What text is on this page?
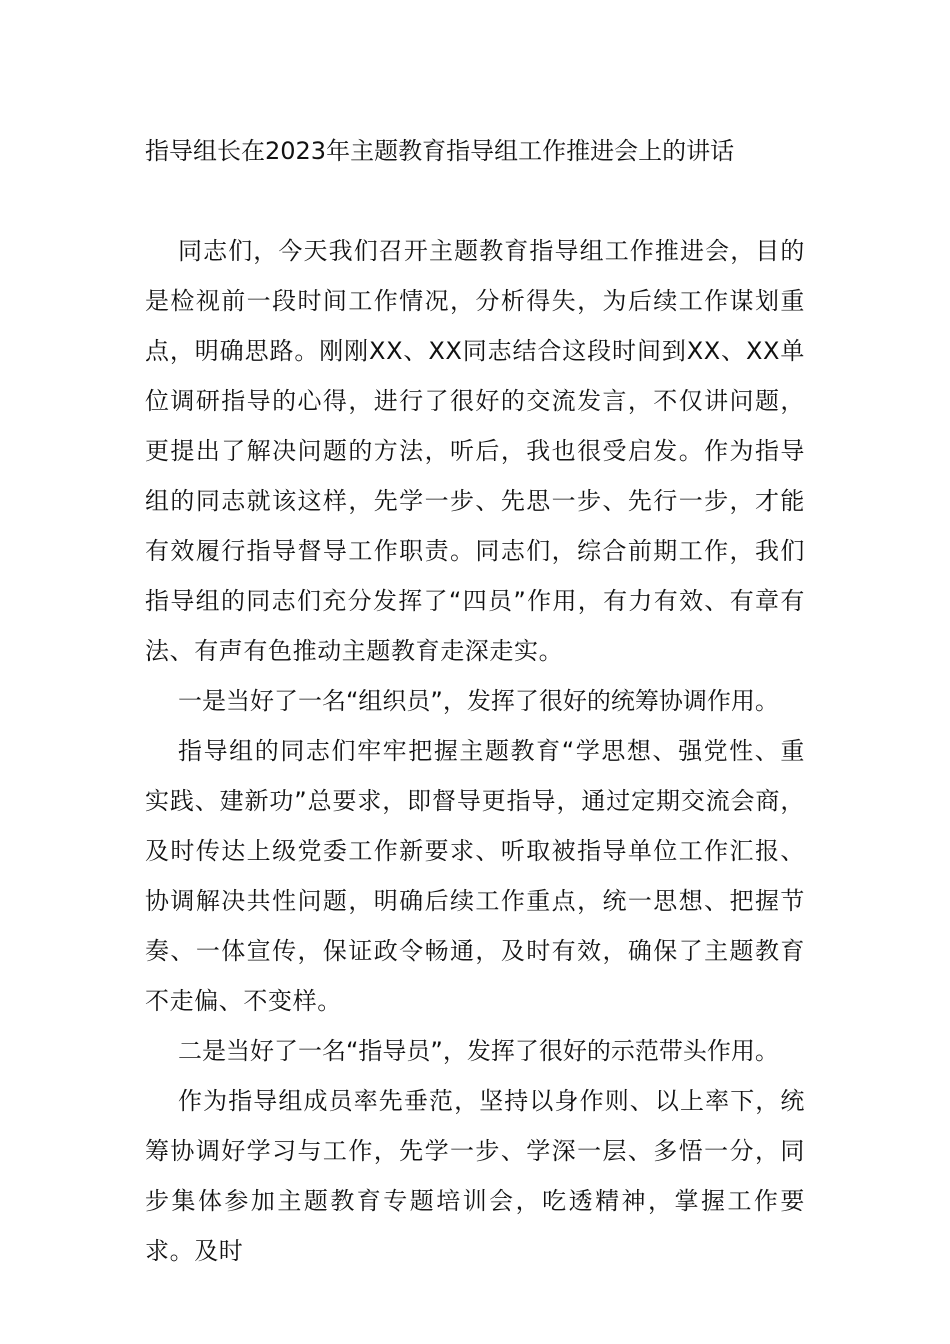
指导组长在2023年主题教育指导组工作推进会上的讲话

同志们，今天我们召开主题教育指导组工作推进会，目的是检视前一段时间工作情况，分析得失，为后续工作谋划重点，明确思路。刚刚XX、XX同志结合这段时间到XX、XX单位调研指导的心得，进行了很好的交流发言，不仅讲问题，更提出了解决问题的方法，听后，我也很受启发。作为指导组的同志就该这样，先学一步、先思一步、先行一步，才能有效履行指导督导工作职责。同志们，综合前期工作，我们指导组的同志们充分发挥了“四员”作用，有力有效、有章有法、有声有色推动主题教育走深走实。

一是当好了一名“组织员”，发挥了很好的统筹协调作用。

指导组的同志们牢牢把握主题教育“学思想、强党性、重实践、建新功”总要求，即督导更指导，通过定期交流会商，及时传达上级党委工作新要求、听取被指导单位工作汇报、协调解决共性问题，明确后续工作重点，统一思想、把握节奏、一体宣传，保证政令畅通，及时有效，确保了主题教育不走偏、不变样。

二是当好了一名“指导员”，发挥了很好的示范带头作用。

作为指导组成员率先垂范，坚持以身作则、以上率下，统筹协调好学习与工作，先学一步、学深一层、多悟一分，同步集体参加主题教育专题培训会，吃透精神，掌握工作要求。及时
